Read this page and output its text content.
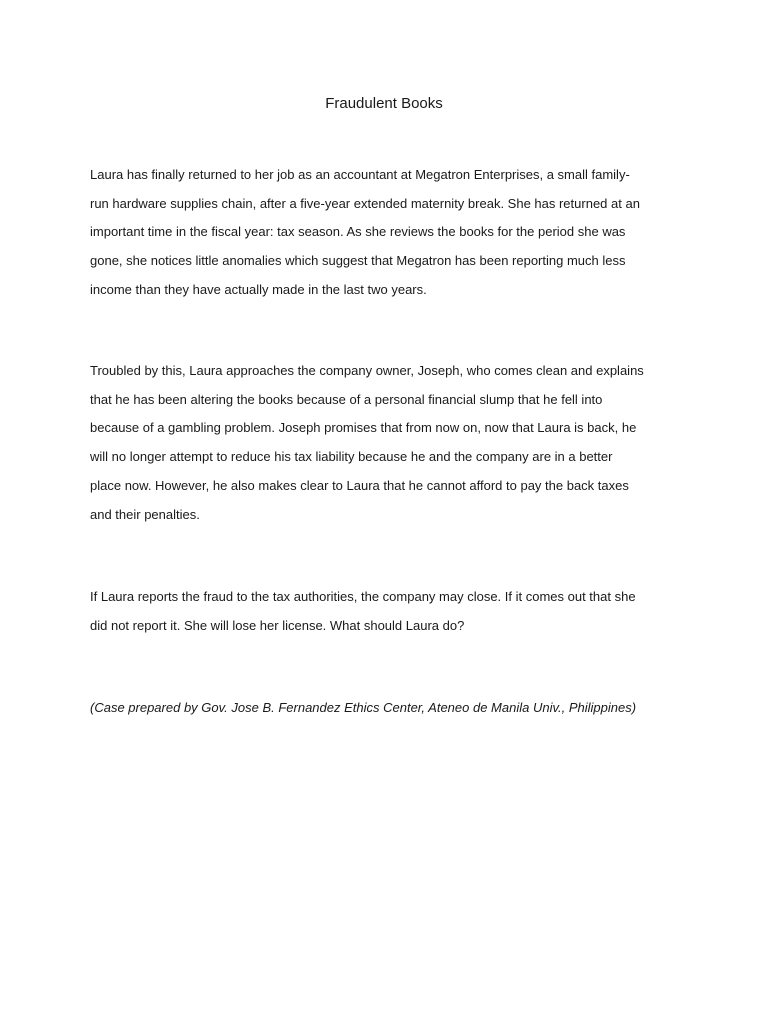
Fraudulent Books

Laura has finally returned to her job as an accountant at Megatron Enterprises, a small family-
run hardware supplies chain, after a five-year extended maternity break. She has returned at an
important time in the fiscal year: tax season. As she reviews the books for the period she was
gone, she notices little anomalies which suggest that Megatron has been reporting much less
income than they have actually made in the last two years.

Troubled by this, Laura approaches the company owner, Joseph, who comes clean and explains
that he has been altering the books because of a personal financial slump that he fell into
because of a gambling problem. Joseph promises that from now on, now that Laura is back, he
will no longer attempt to reduce his tax liability because he and the company are in a better
place now. However, he also makes clear to Laura that he cannot afford to pay the back taxes
and their penalties.

If Laura reports the fraud to the tax authorities, the company may close. If it comes out that she
did not report it. She will lose her license. What should Laura do?

(Case prepared by Gov. Jose B. Fernandez Ethics Center, Ateneo de Manila Univ., Philippines)
